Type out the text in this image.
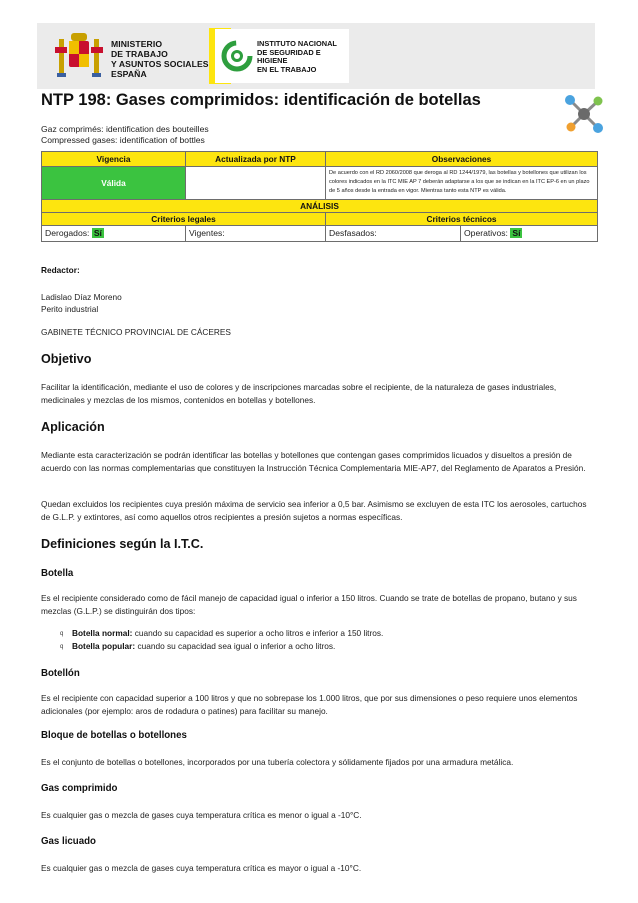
MINISTERIO
DE TRABAJO
Y ASUNTOS SOCIALES
ESPAÑA
INSTITUTO NACIONAL
DE SEGURIDAD E HIGIENE
EN EL TRABAJO
NTP 198: Gases comprimidos: identificación de botellas
Gaz comprimés: identification des bouteilles
Compressed gases: identification of bottles
Vigencia	Actualizada por NTP	Observaciones	
Válida		De acuerdo con el RD 2060/2008 que deroga al RD 1244/1979, las botellas y botellones que utilizan los colores indicados en la ITC MIE AP 7 deberán adaptarse a los que se indican en la ITC EP-6 en un plazo de 5 años desde la entrada en vigor. Mientras tanto esta NTP es válida.	
ANÁLISIS			
Criterios legales		Criterios técnicos	
Derogados: Sí	Vigentes:	Desfasados:	Operativos: Sí
Redactor:
Ladislao Díaz Moreno
Perito industrial
GABINETE TÉCNICO PROVINCIAL DE CÁCERES
Objetivo

Facilitar la identificación, mediante el uso de colores y de inscripciones marcadas sobre el recipiente, de la naturaleza de gases industriales, medicinales y mezclas de los mismos, contenidos en botellas y botellones.

Aplicación

Mediante esta caracterización se podrán identificar las botellas y botellones que contengan gases comprimidos licuados y disueltos a presión de acuerdo con las normas complementarias que constituyen la Instrucción Técnica Complementaria MIE-AP7, del Reglamento de Aparatos a Presión.

Quedan excluidos los recipientes cuya presión máxima de servicio sea inferior a 0,5 bar. Asimismo se excluyen de esta ITC los aerosoles, cartuchos de G.L.P. y extintores, así como aquellos otros recipientes a presión sujetos a normas específicas.

Definiciones según la I.T.C.
Botella

Es el recipiente considerado como de fácil manejo de capacidad igual o inferior a 150 litros. Cuando se trate de botellas de propano, butano y sus mezclas (G.L.P.) se distinguirán dos tipos:

q Botella normal: cuando su capacidad es superior a ocho litros e inferior a 150 litros.
q Botella popular: cuando su capacidad sea igual o inferior a ocho litros.
Botellón

Es el recipiente con capacidad superior a 100 litros y que no sobrepase los 1.000 litros, que por sus dimensiones o peso requiere unos elementos adicionales (por ejemplo: aros de rodadura o patines) para facilitar su manejo.

Bloque de botellas o botellones

Es el conjunto de botellas o botellones, incorporados por una tubería colectora y sólidamente fijados por una armadura metálica.

Gas comprimido

Es cualquier gas o mezcla de gases cuya temperatura crítica es menor o igual a -10°C.

Gas licuado

Es cualquier gas o mezcla de gases cuya temperatura crítica es mayor o igual a -10°C.
